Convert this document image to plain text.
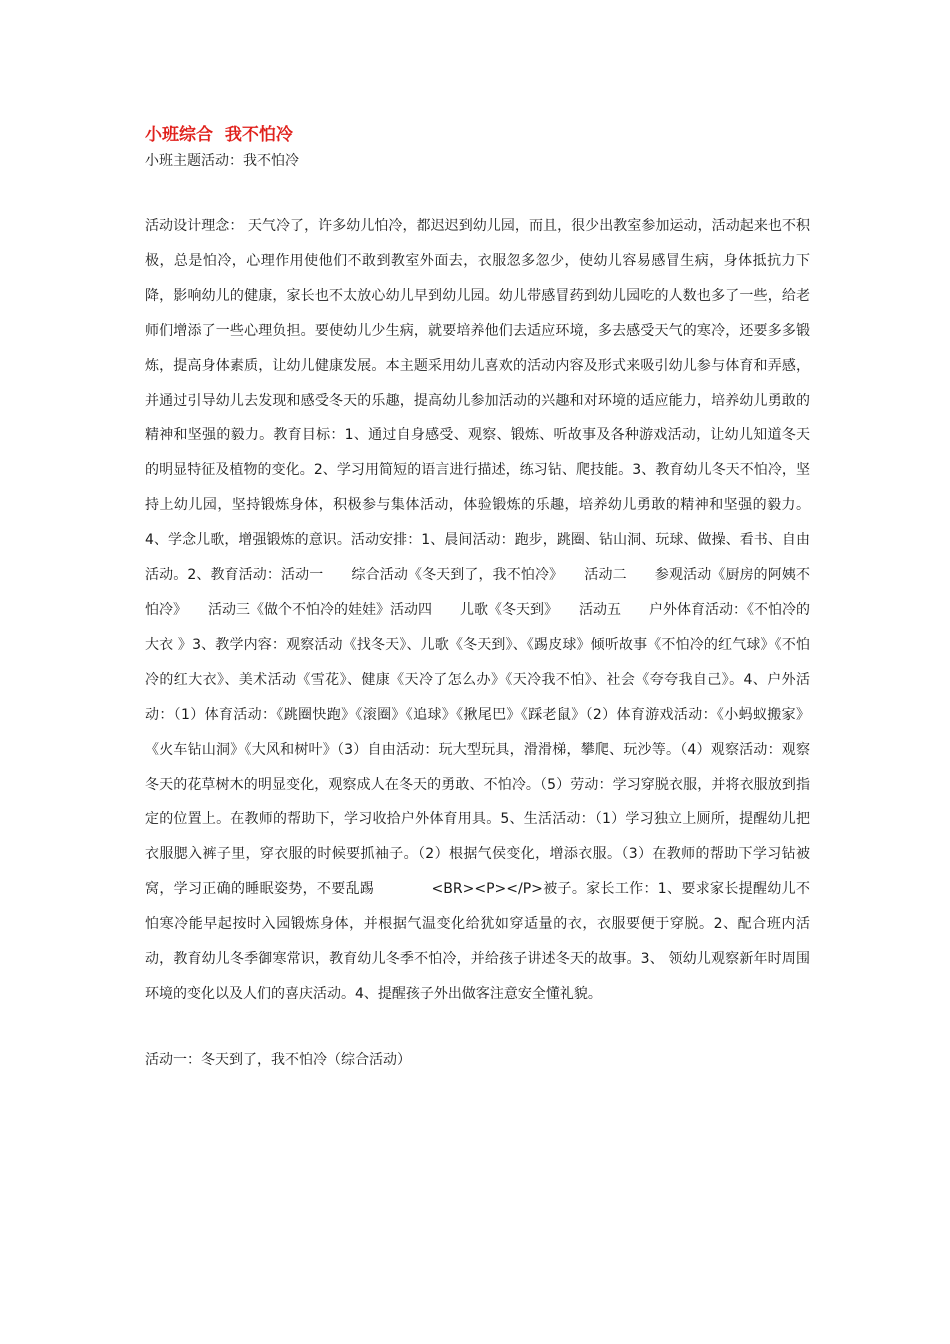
小班综合  我不怕冷
小班主题活动：我不怕冷
活动设计理念： 天气冷了，许多幼儿怕冷，都迟迟到幼儿园，而且，很少出教室参加运动，活动起来也不积极，总是怕冷，心理作用使他们不敢到教室外面去，衣服忽多忽少，使幼儿容易感冒生病，身体抵抗力下降，影响幼儿的健康，家长也不太放心幼儿早到幼儿园。幼儿带感冒药到幼儿园吃的人数也多了一些，给老师们增添了一些心理负担。要使幼儿少生病，就要培养他们去适应环境，多去感受天气的寒冷，还要多多锻炼，提高身体素质，让幼儿健康发展。本主题采用幼儿喜欢的活动内容及形式来吸引幼儿参与体育和弄感，并通过引导幼儿去发现和感受冬天的乐趣，提高幼儿参加活动的兴趣和对环境的适应能力，培养幼儿勇敢的精神和坚强的毅力。教育目标：1、通过自身感受、观察、锻炼、听故事及各种游戏活动，让幼儿知道冬天的明显特征及植物的变化。2、学习用简短的语言进行描述，练习钻、爬技能。3、教育幼儿冬天不怕冷，坚持上幼儿园，坚持锻炼身体，积极参与集体活动，体验锻炼的乐趣，培养幼儿勇敢的精神和坚强的毅力。4、学念儿歌，增强锻炼的意识。活动安排：1、晨间活动：跑步，跳圈、钻山洞、玩球、做操、看书、自由活动。2、教育活动：活动一　　综合活动《冬天到了，我不怕冷》　　活动二　　参观活动《厨房的阿姨不怕冷》　　活动三《做个不怕冷的娃娃》活动四　　儿歌《冬天到》　　活动五　　户外体育活动：《不怕冷的大衣 》3、教学内容：观察活动《找冬天》、儿歌《冬天到》、《踢皮球》倾听故事《不怕冷的红气球》《不怕冷的红大衣》、美术活动《雪花》、健康《天冷了怎么办》《天冷我不怕》、社会《夸夸我自己》。4、户外活动：（1）体育活动：《跳圈快跑》《滚圈》《追球》《揪尾巴》《踩老鼠》（2）体育游戏活动：《小蚂蚁搬家》《火车钻山洞》《大风和树叶》（3）自由活动：玩大型玩具，滑滑梯，攀爬、玩沙等。（4）观察活动：观察冬天的花草树木的明显变化，观察成人在冬天的勇敢、不怕冷。（5）劳动：学习穿脱衣服，并将衣服放到指定的位置上。在教师的帮助下，学习收拾户外体育用具。5、生活活动：（1）学习独立上厕所，提醒幼儿把衣服腮入裤子里，穿衣服的时候要抓袖子。（2）根据气侯变化，增添衣服。（3）在教师的帮助下学习钻被窝，学习正确的睡眠姿势，不要乱踢　　　　<BR><P></P>被子。家长工作：1、要求家长提醒幼儿不怕寒冷能早起按时入园锻炼身体，并根据气温变化给犹如穿适量的衣，衣服要便于穿脱。2、配合班内活动，教育幼儿冬季御寒常识，教育幼儿冬季不怕冷，并给孩子讲述冬天的故事。3、 领幼儿观察新年时周围环境的变化以及人们的喜庆活动。4、提醒孩子外出做客注意安全懂礼貌。
活动一：冬天到了，我不怕冷（综合活动）
